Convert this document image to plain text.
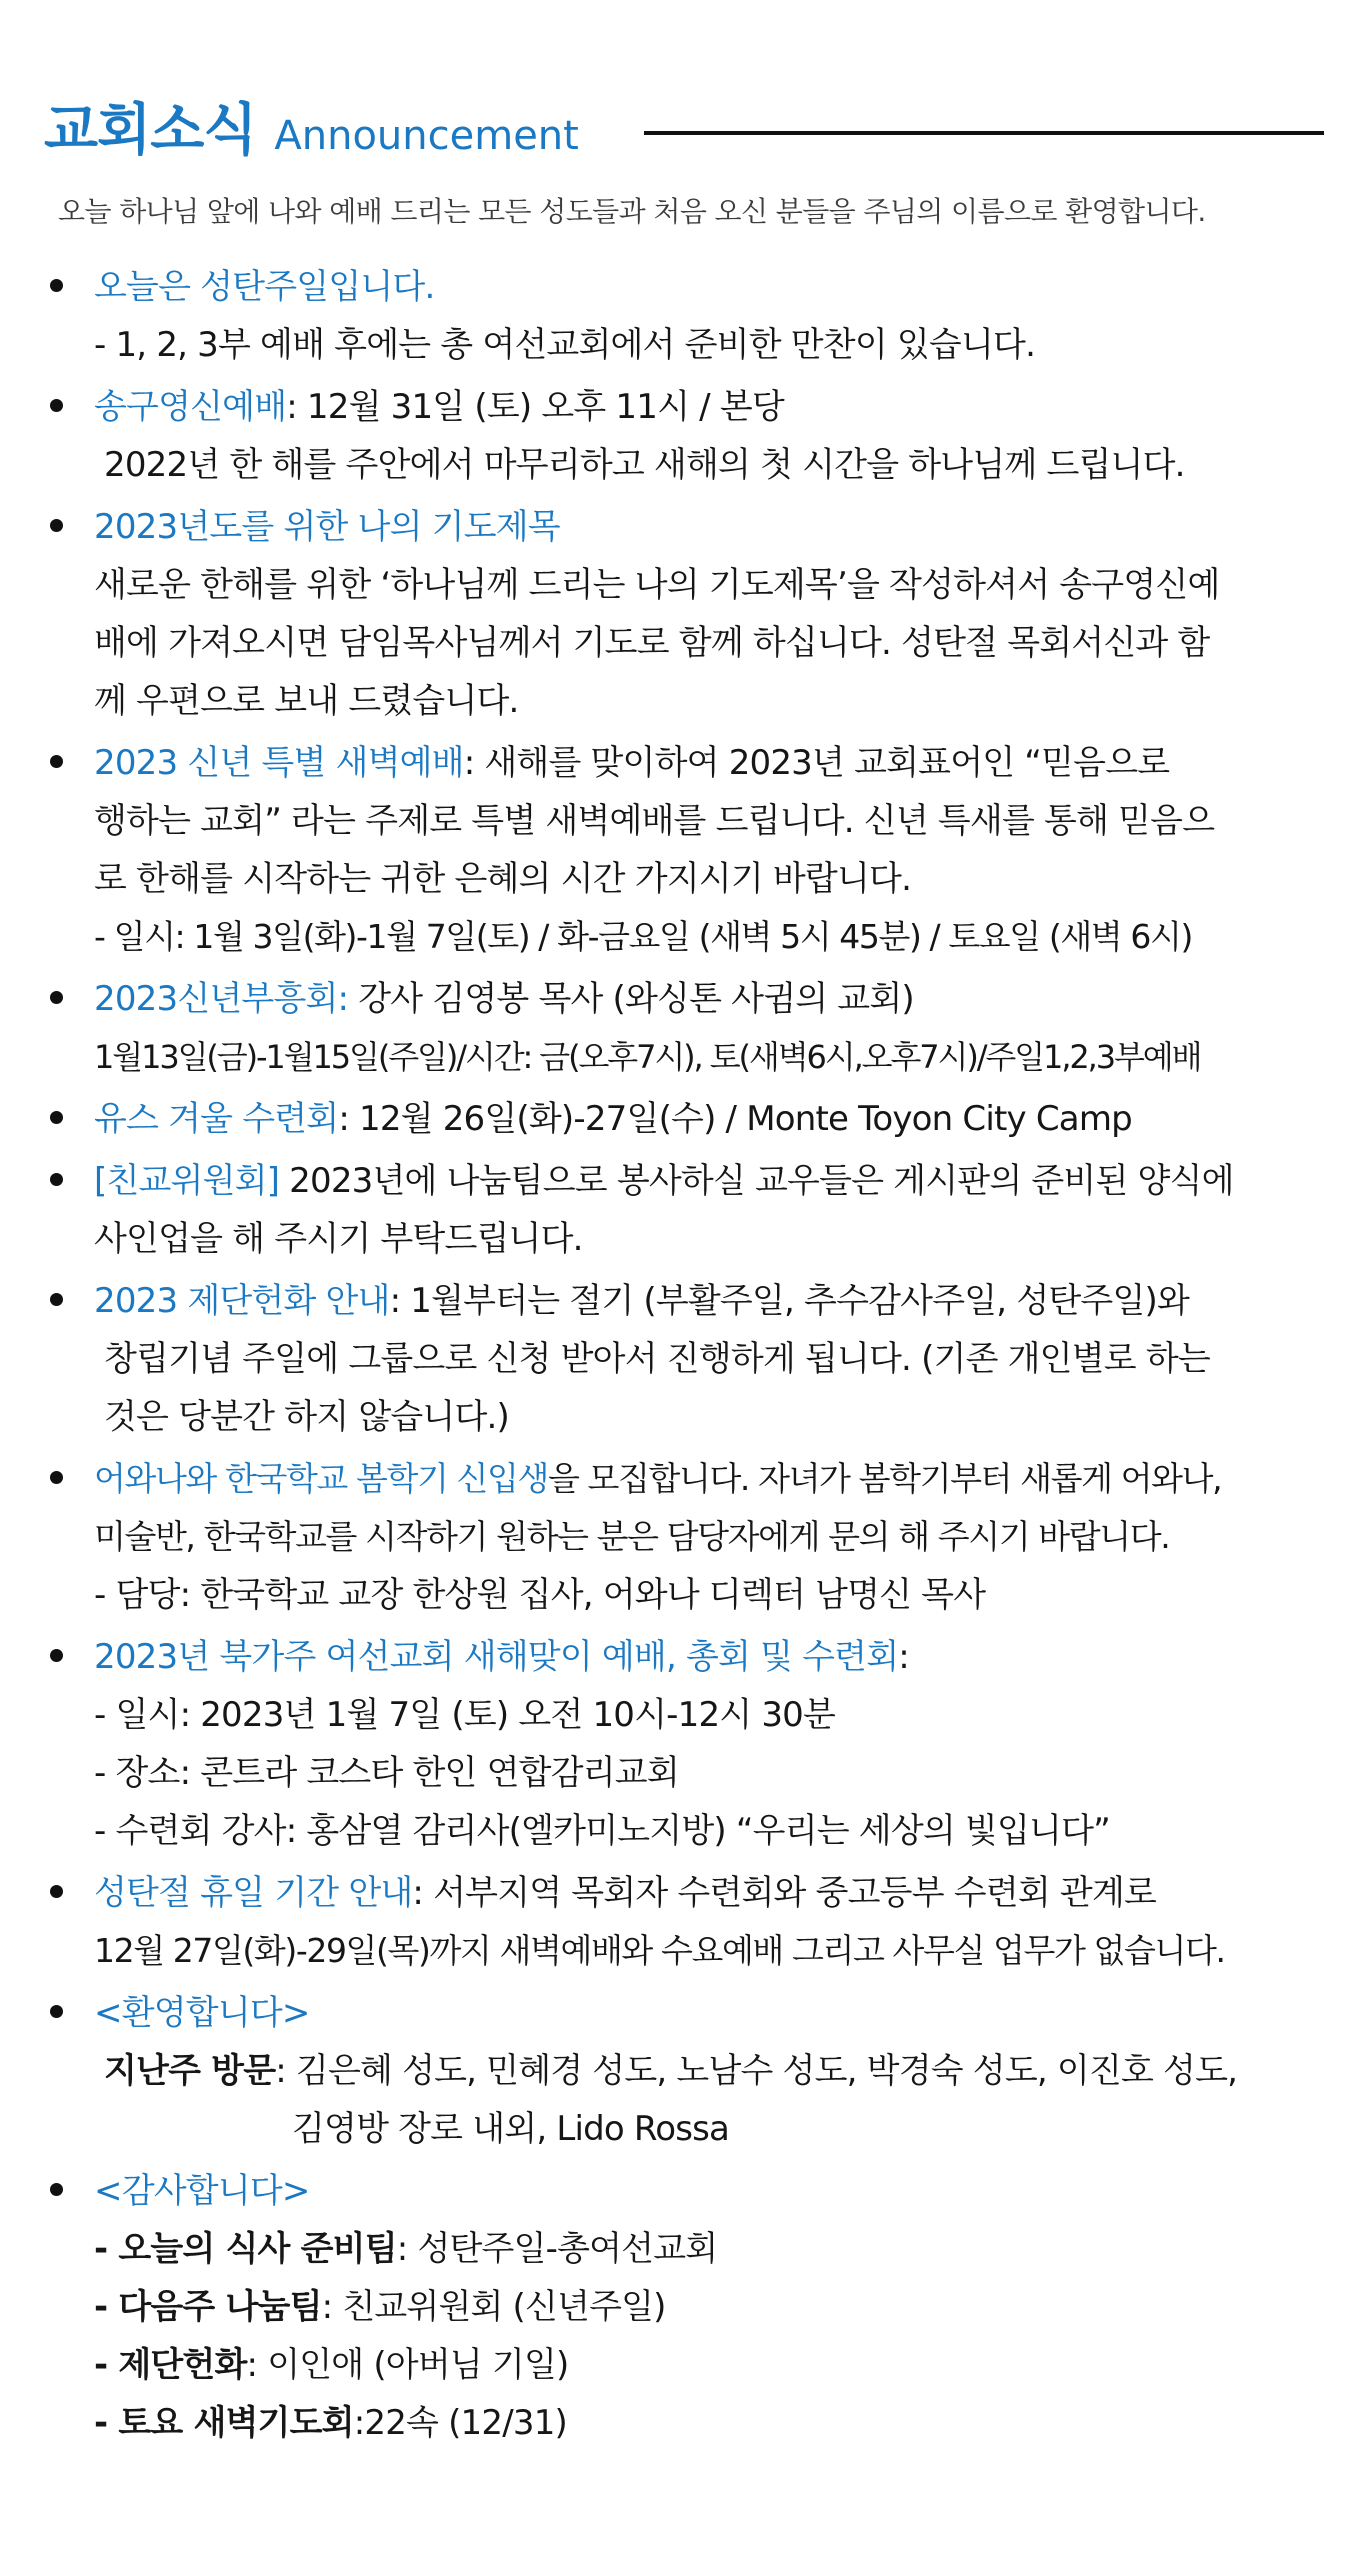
교회소식 Announcement
오늘 하나님 앞에 나와 예배 드리는 모든 성도들과 처음 오신 분들을 주님의 이름으로 환영합니다.
오늘은 성탄주일입니다.
- 1, 2, 3부 예배 후에는 총 여선교회에서 준비한 만찬이 있습니다.
송구영신예배: 12월 31일 (토) 오후 11시 / 본당
2022년 한 해를 주안에서 마무리하고 새해의 첫 시간을 하나님께 드립니다.
2023년도를 위한 나의 기도제목
새로운 한해를 위한 ‘하나님께 드리는 나의 기도제목’을 작성하셔서 송구영신예
배에 가져오시면 담임목사님께서 기도로 함께 하십니다. 성탄절 목회서신과 함
께 우편으로 보내 드렸습니다.
2023 신년 특별 새벽예배: 새해를 맞이하여 2023년 교회표어인 “믿음으로
행하는 교회” 라는 주제로 특별 새벽예배를 드립니다. 신년 특새를 통해 믿음으
로 한해를 시작하는 귀한 은혜의 시간 가지시기 바랍니다.
- 일시: 1월 3일(화)-1월 7일(토) / 화-금요일 (새벽 5시 45분) / 토요일 (새벽 6시)
2023신년부흥회: 강사 김영봉 목사 (와싱톤 사귐의 교회)
1월13일(금)-1월15일(주일)/시간: 금(오후7시), 토(새벽6시,오후7시)/주일1,2,3부예배
유스 겨울 수련회: 12월 26일(화)-27일(수) / Monte Toyon City Camp
[친교위원회] 2023년에 나눔팀으로 봉사하실 교우들은 게시판의 준비된 양식에
사인업을 해 주시기 부탁드립니다.
2023 제단헌화 안내: 1월부터는 절기 (부활주일, 추수감사주일, 성탄주일)와
창립기념 주일에 그룹으로 신청 받아서 진행하게 됩니다. (기존 개인별로 하는
것은 당분간 하지 않습니다.)
어와나와 한국학교 봄학기 신입생을 모집합니다. 자녀가 봄학기부터 새롭게 어와나,
미술반, 한국학교를 시작하기 원하는 분은 담당자에게 문의 해 주시기 바랍니다.
- 담당: 한국학교 교장 한상원 집사, 어와나 디렉터 남명신 목사
2023년 북가주 여선교회 새해맞이 예배, 총회 및 수련회:
- 일시: 2023년 1월 7일 (토) 오전 10시-12시 30분
- 장소: 콘트라 코스타 한인 연합감리교회
- 수련회 강사: 홍삼열 감리사(엘카미노지방) “우리는 세상의 빛입니다”
성탄절 휴일 기간 안내: 서부지역 목회자 수련회와 중고등부 수련회 관계로
12월 27일(화)-29일(목)까지 새벽예배와 수요예배 그리고 사무실 업무가 없습니다.
<환영합니다>
지난주 방문: 김은혜 성도, 민혜경 성도, 노남수 성도, 박경숙 성도, 이진호 성도,
김영방 장로 내외, Lido Rossa
<감사합니다>
- 오늘의 식사 준비팀: 성탄주일-총여선교회
- 다음주 나눔팀: 친교위원회 (신년주일)
- 제단헌화: 이인애 (아버님 기일)
- 토요 새벽기도회:22속 (12/31)
